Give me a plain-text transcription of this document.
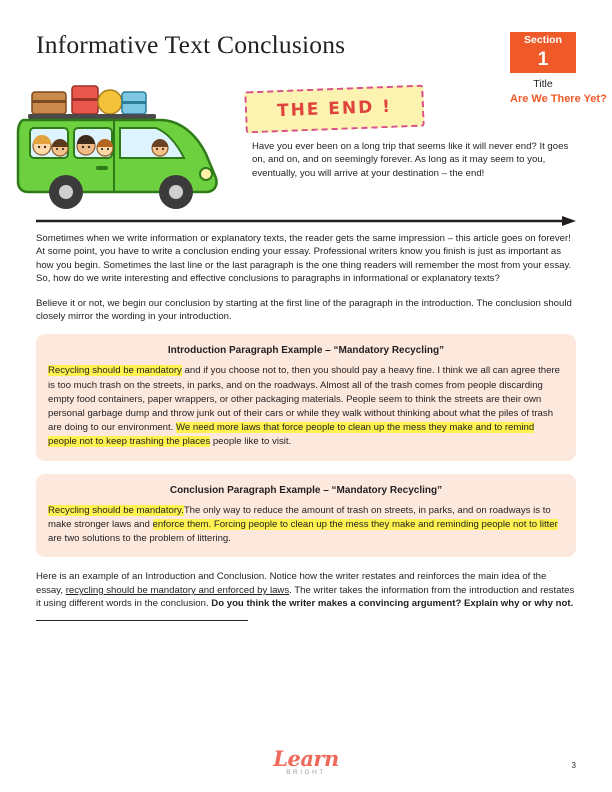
Informative Text Conclusions	Section
1
Title
Are We There Yet?
THE END !
Have you ever been on a long trip that seems like it will never end? It goes on, and on, and on seemingly forever. As long as it may seem to you, eventually, you will arrive at your destination – the end!

Sometimes when we write information or explanatory texts, the reader gets the same impression – this article goes on forever! At some point, you have to write a conclusion ending your essay. Professional writers know you finish is just as important as how you begin. Sometimes the last line or the last paragraph is the one thing readers will remember the most from your essay. So, how do we write interesting and effective conclusions to paragraphs in informational or explanatory texts?

Believe it or not, we begin our conclusion by starting at the first line of the paragraph in the introduction. The conclusion should closely mirror the wording in your introduction.

Introduction Paragraph Example – “Mandatory Recycling”
Recycling should be mandatory and if you choose not to, then you should pay a heavy fine. I think we all can agree there is too much trash on the streets, in parks, and on the roadways. Almost all of the trash comes from people discarding empty food containers, paper wrappers, or other packaging materials. People seem to think the streets are their own personal garbage dump and throw junk out of their cars or while they walk without thinking about what the piles of trash are doing to our environment. We need more laws that force people to clean up the mess they make and to remind people not to keep trashing the places people like to visit.
Conclusion Paragraph Example – “Mandatory Recycling”
Recycling should be mandatory.The only way to reduce the amount of trash on streets, in parks, and on roadways is to make stronger laws and enforce them. Forcing people to clean up the mess they make and reminding people not to litter are two solutions to the problem of littering.

Here is an example of an Introduction and Conclusion. Notice how the writer restates and reinforces the main idea of the essay, recycling should be mandatory and enforced by laws. The writer takes the information from the introduction and restates it using different words in the conclusion. Do you think the writer makes a convincing argument? Explain why or why not.

Learn
BRIGHT
3
